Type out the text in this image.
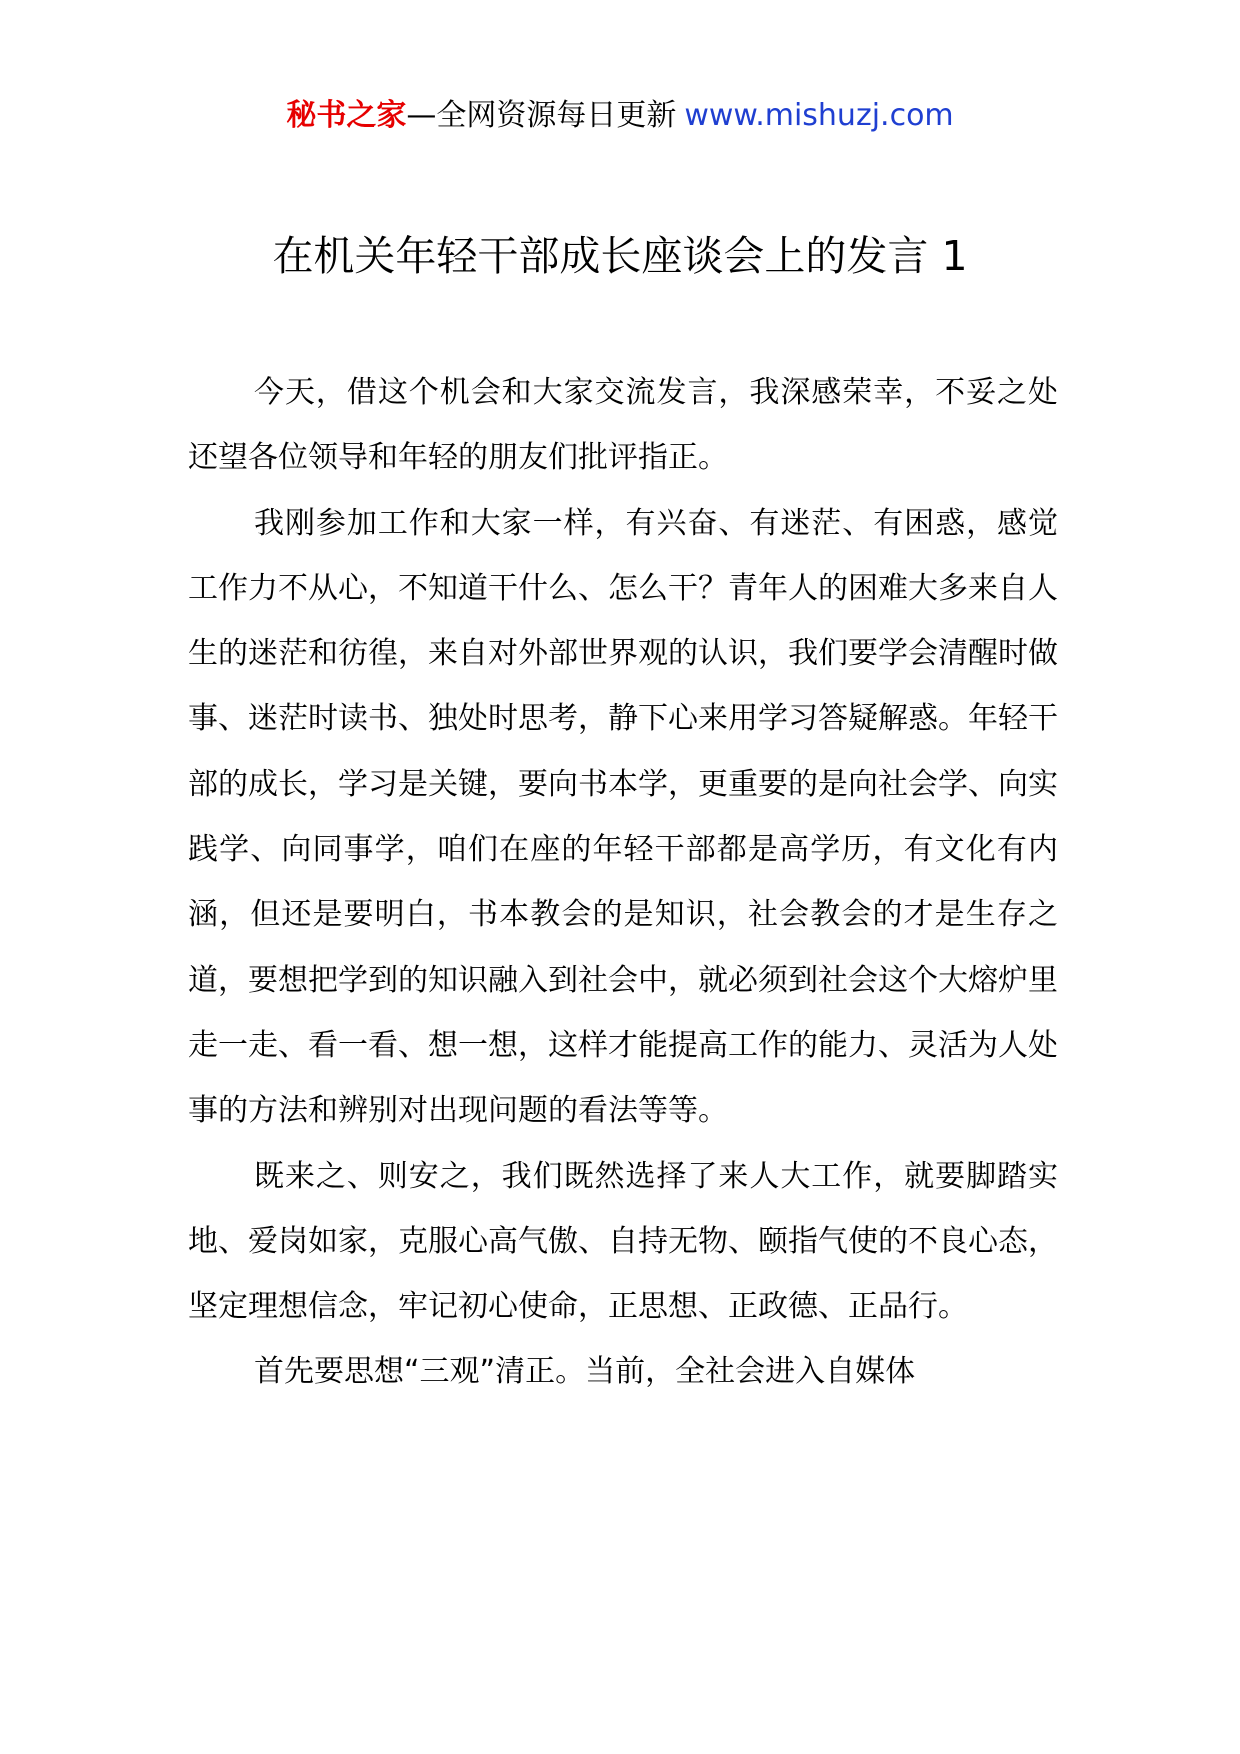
秘书之家—全网资源每日更新 www.mishuzj.com
在机关年轻干部成长座谈会上的发言 1

今天，借这个机会和大家交流发言，我深感荣幸，不妥之处还望各位领导和年轻的朋友们批评指正。

我刚参加工作和大家一样，有兴奋、有迷茫、有困惑，感觉工作力不从心，不知道干什么、怎么干？青年人的困难大多来自人生的迷茫和彷徨，来自对外部世界观的认识，我们要学会清醒时做事、迷茫时读书、独处时思考，静下心来用学习答疑解惑。年轻干部的成长，学习是关键，要向书本学，更重要的是向社会学、向实践学、向同事学，咱们在座的年轻干部都是高学历，有文化有内涵，但还是要明白，书本教会的是知识，社会教会的才是生存之道，要想把学到的知识融入到社会中，就必须到社会这个大熔炉里走一走、看一看、想一想，这样才能提高工作的能力、灵活为人处事的方法和辨别对出现问题的看法等等。

既来之、则安之，我们既然选择了来人大工作，就要脚踏实地、爱岗如家，克服心高气傲、自持无物、颐指气使的不良心态，坚定理想信念，牢记初心使命，正思想、正政德、正品行。

首先要思想“三观”清正。当前，全社会进入自媒体
